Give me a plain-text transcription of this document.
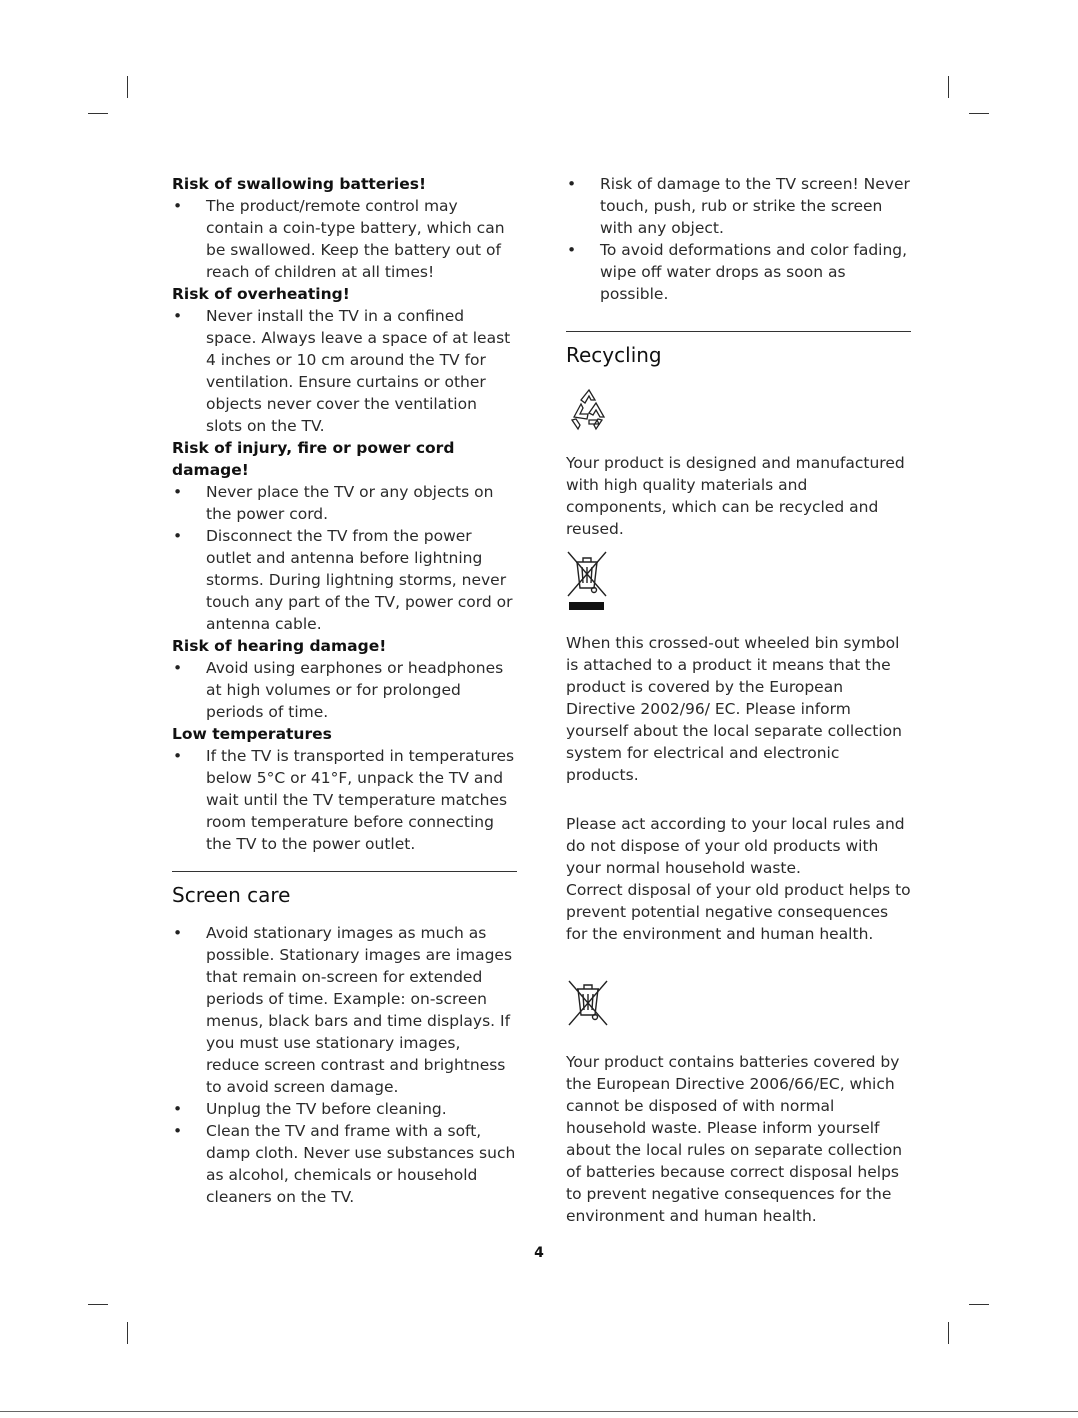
Risk of swallowing batteries!

• The product/remote control may contain a coin-type battery, which can be swallowed. Keep the battery out of reach of children at all times!

Risk of overheating!

• Never install the TV in a confined space. Always leave a space of at least 4 inches or 10 cm around the TV for ventilation. Ensure curtains or other objects never cover the ventilation slots on the TV.

Risk of injury, fire or power cord damage!

• Never place the TV or any objects on the power cord.
• Disconnect the TV from the power outlet and antenna before lightning storms. During lightning storms, never touch any part of the TV, power cord or antenna cable.

Risk of hearing damage!

• Avoid using earphones or headphones at high volumes or for prolonged periods of time.

Low temperatures

• If the TV is transported in temperatures below 5°C or 41°F, unpack the TV and wait until the TV temperature matches room temperature before connecting the TV to the power outlet.
Screen care
• Avoid stationary images as much as possible. Stationary images are images that remain on-screen for extended periods of time. Example: on-screen menus, black bars and time displays. If you must use stationary images, reduce screen contrast and brightness to avoid screen damage.
• Unplug the TV before cleaning.
• Clean the TV and frame with a soft, damp cloth. Never use substances such as alcohol, chemicals or household cleaners on the TV.
• Risk of damage to the TV screen! Never touch, push, rub or strike the screen with any object.
• To avoid deformations and color fading, wipe off water drops as soon as possible.
Recycling

Your product is designed and manufactured with high quality materials and components, which can be recycled and reused.

When this crossed-out wheeled bin symbol is attached to a product it means that the product is covered by the European Directive 2002/96/ EC. Please inform yourself about the local separate collection system for electrical and electronic products.

Please act according to your local rules and do not dispose of your old products with your normal household waste.

Correct disposal of your old product helps to prevent potential negative consequences for the environment and human health.

Your product contains batteries covered by the European Directive 2006/66/EC, which cannot be disposed of with normal household waste. Please inform yourself about the local rules on separate collection of batteries because correct disposal helps to prevent negative consequences for the environment and human health.

4
